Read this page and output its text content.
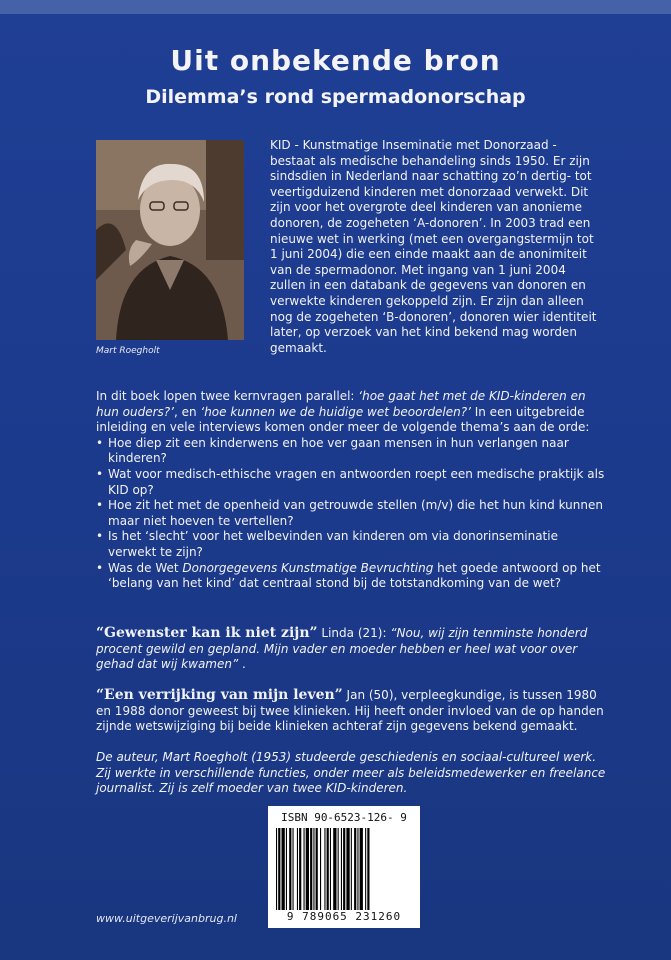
Uit onbekende bron
Dilemma’s rond spermadonorschap
Mart Roegholt
KID - Kunstmatige Inseminatie met Donorzaad - bestaat als medische behandeling sinds 1950. Er zijn sindsdien in Nederland naar schatting zo’n dertig- tot veertigduizend kinderen met donorzaad verwekt. Dit zijn voor het overgrote deel kinderen van anonieme donoren, de zogeheten ‘A-donoren’. In 2003 trad een nieuwe wet in werking (met een overgangstermijn tot 1 juni 2004) die een einde maakt aan de anonimiteit van de spermadonor. Met ingang van 1 juni 2004 zullen in een databank de gegevens van donoren en verwekte kinderen gekoppeld zijn. Er zijn dan alleen nog de zogeheten ‘B-donoren’, donoren wier identiteit later, op verzoek van het kind bekend mag worden gemaakt.
In dit boek lopen twee kernvragen parallel: ‘hoe gaat het met de KID-kinderen en hun ouders?’, en ‘hoe kunnen we de huidige wet beoordelen?’ In een uitgebreide inleiding en vele interviews komen onder meer de volgende thema’s aan de orde:
• Hoe diep zit een kinderwens en hoe ver gaan mensen in hun verlangen naar kinderen?
• Wat voor medisch-ethische vragen en antwoorden roept een medische praktijk als KID op?
• Hoe zit het met de openheid van getrouwde stellen (m/v) die het hun kind kunnen maar niet hoeven te vertellen?
• Is het ‘slecht’ voor het welbevinden van kinderen om via donorinseminatie verwekt te zijn?
• Was de Wet Donorgegevens Kunstmatige Bevruchting het goede antwoord op het ‘belang van het kind’ dat centraal stond bij de totstandkoming van de wet?
“Gewenster kan ik niet zijn” Linda (21): “Nou, wij zijn tenminste honderd procent gewild en gepland. Mijn vader en moeder hebben er heel wat voor over gehad dat wij kwamen” .
“Een verrijking van mijn leven” Jan (50), verpleegkundige, is tussen 1980 en 1988 donor geweest bij twee klinieken. Hij heeft onder invloed van de op handen zijnde wetswijziging bij beide klinieken achteraf zijn gegevens bekend gemaakt.
De auteur, Mart Roegholt (1953) studeerde geschiedenis en sociaal-cultureel werk. Zij werkte in verschillende functies, onder meer als beleidsmedewerker en freelance journalist. Zij is zelf moeder van twee KID-kinderen.
ISBN 90-6523-126- 9
9 789065 231260
www.uitgeverijvanbrug.nl
